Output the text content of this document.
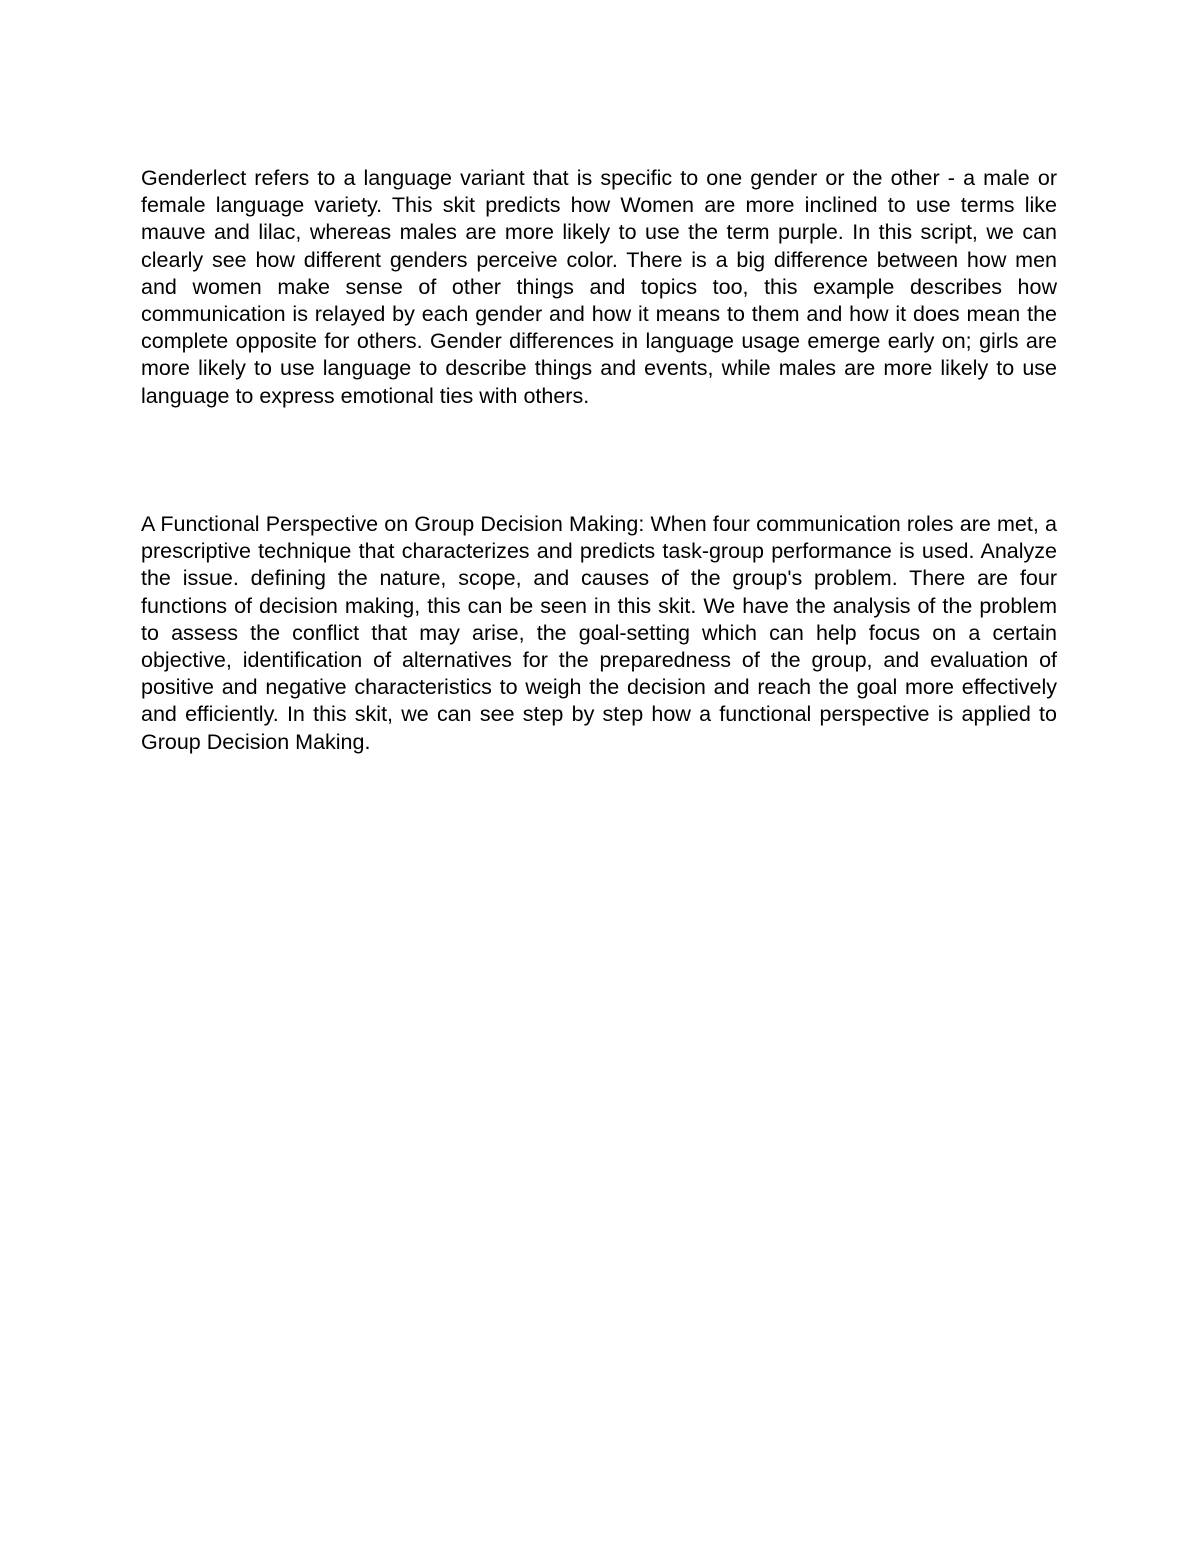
Genderlect refers to a language variant that is specific to one gender or the other - a male or female language variety. This skit predicts how Women are more inclined to use terms like mauve and lilac, whereas males are more likely to use the term purple. In this script, we can clearly see how different genders perceive color. There is a big difference between how men and women make sense of other things and topics too, this example describes how communication is relayed by each gender and how it means to them and how it does mean the complete opposite for others. Gender differences in language usage emerge early on; girls are more likely to use language to describe things and events, while males are more likely to use language to express emotional ties with others.

A Functional Perspective on Group Decision Making: When four communication roles are met, a prescriptive technique that characterizes and predicts task-group performance is used. Analyze the issue. defining the nature, scope, and causes of the group's problem. There are four functions of decision making, this can be seen in this skit. We have the analysis of the problem to assess the conflict that may arise, the goal-setting which can help focus on a certain objective, identification of alternatives for the preparedness of the group, and evaluation of positive and negative characteristics to weigh the decision and reach the goal more effectively and efficiently. In this skit, we can see step by step how a functional perspective is applied to Group Decision Making.
